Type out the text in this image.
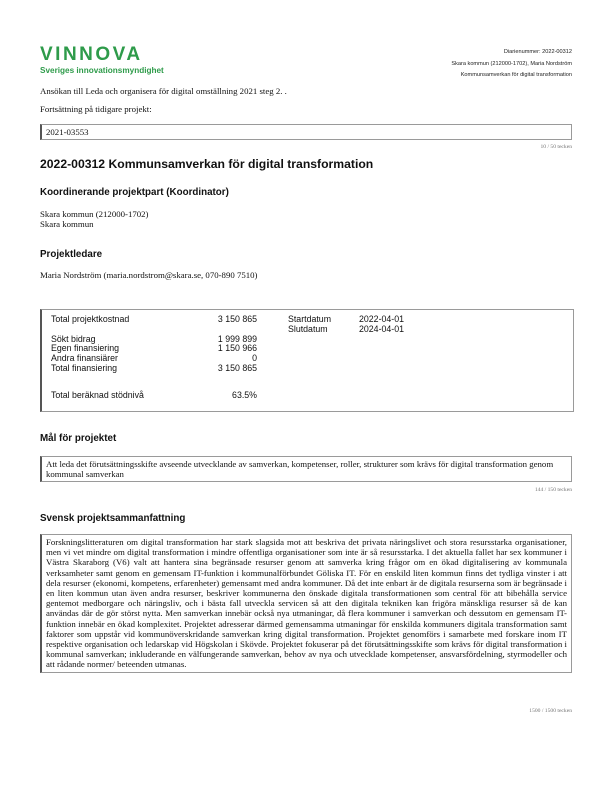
VINNOVA
Sveriges innovationsmyndighet
Diarienummer: 2022-00312
Skara kommun (212000-1702), Maria Nordström
Kommunsamverkan för digital transformation
Ansökan till Leda och organisera för digital omställning 2021 steg 2. .
Fortsättning på tidigare projekt:
2021-03553
10 / 50 tecken
2022-00312 Kommunsamverkan för digital transformation
Koordinerande projektpart (Koordinator)
Skara kommun (212000-1702)
Skara kommun
Projektledare
Maria Nordström (maria.nordstrom@skara.se, 070-890 7510)
Total projektkostnad
Sökt bidrag
Egen finansiering
Andra finansiärer
Total finansiering
3 150 865
1 999 899
1 150 966
0
3 150 865
Startdatum
Slutdatum
2022-04-01
2024-04-01
Total beräknad stödnivå	63.5%
Mål för projektet
Att leda det förutsättningsskifte avseende utvecklande av samverkan, kompetenser, roller, strukturer som krävs för digital transformation genom kommunal samverkan
144 / 150 tecken
Svensk projektsammanfattning
Forskningslitteraturen om digital transformation har stark slagsida mot att beskriva det privata näringslivet och stora resursstarka organisationer, men vi vet mindre om digital transformation i mindre offentliga organisationer som inte är så resursstarka. I det aktuella fallet har sex kommuner i Västra Skaraborg (V6) valt att hantera sina begränsade resurser genom att samverka kring frågor om en ökad digitalisering av kommunala verksamheter samt genom en gemensam IT-funktion i kommunalförbundet Göliska IT. För en enskild liten kommun finns det tydliga vinster i att dela resurser (ekonomi, kompetens, erfarenheter) gemensamt med andra kommuner. Då det inte enbart är de digitala resurserna som är begränsade i en liten kommun utan även andra resurser, beskriver kommunerna den önskade digitala transformationen som central för att bibehålla service gentemot medborgare och näringsliv, och i bästa fall utveckla servicen så att den digitala tekniken kan frigöra mänskliga resurser så de kan användas där de gör störst nytta. Men samverkan innebär också nya utmaningar, då flera kommuner i samverkan och dessutom en gemensam IT-funktion innebär en ökad komplexitet. Projektet adresserar därmed gemensamma utmaningar för enskilda kommuners digitala transformation samt faktorer som uppstår vid kommunöverskridande samverkan kring digital transformation. Projektet genomförs i samarbete med forskare inom IT respektive organisation och ledarskap vid Högskolan i Skövde. Projektet fokuserar på det förutsättningsskifte som krävs för digital transformation i kommunal samverkan; inkluderande en välfungerande samverkan, behov av nya och utvecklade kompetenser, ansvarsfördelning, styrmodeller och att rådande normer/ beteenden utmanas.
1500 / 1500 tecken
